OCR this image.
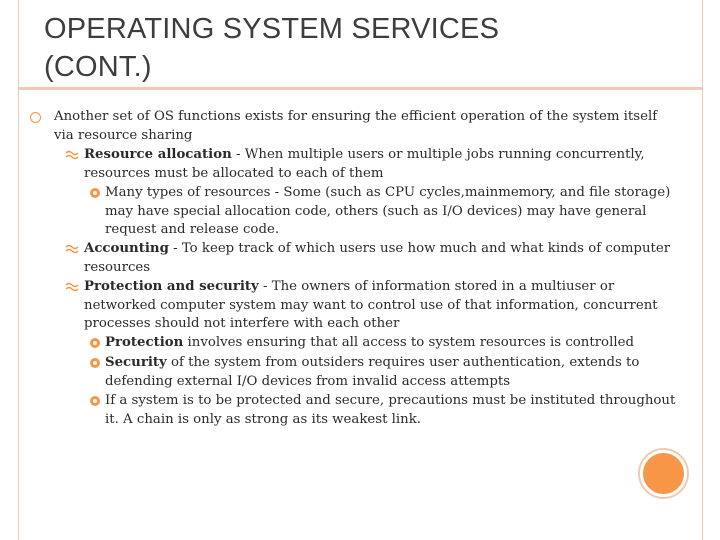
OPERATING SYSTEM SERVICES
(CONT.)
Another set of OS functions exists for ensuring the efficient operation of the system itself via resource sharing
Resource allocation - When multiple users or multiple jobs running concurrently, resources must be allocated to each of them
Many types of resources - Some (such as CPU cycles,mainmemory, and file storage) may have special allocation code, others (such as I/O devices) may have general request and release code.
Accounting - To keep track of which users use how much and what kinds of computer resources
Protection and security - The owners of information stored in a multiuser or networked computer system may want to control use of that information, concurrent processes should not interfere with each other
Protection involves ensuring that all access to system resources is controlled
Security of the system from outsiders requires user authentication, extends to defending external I/O devices from invalid access attempts
If a system is to be protected and secure, precautions must be instituted throughout it. A chain is only as strong as its weakest link.
